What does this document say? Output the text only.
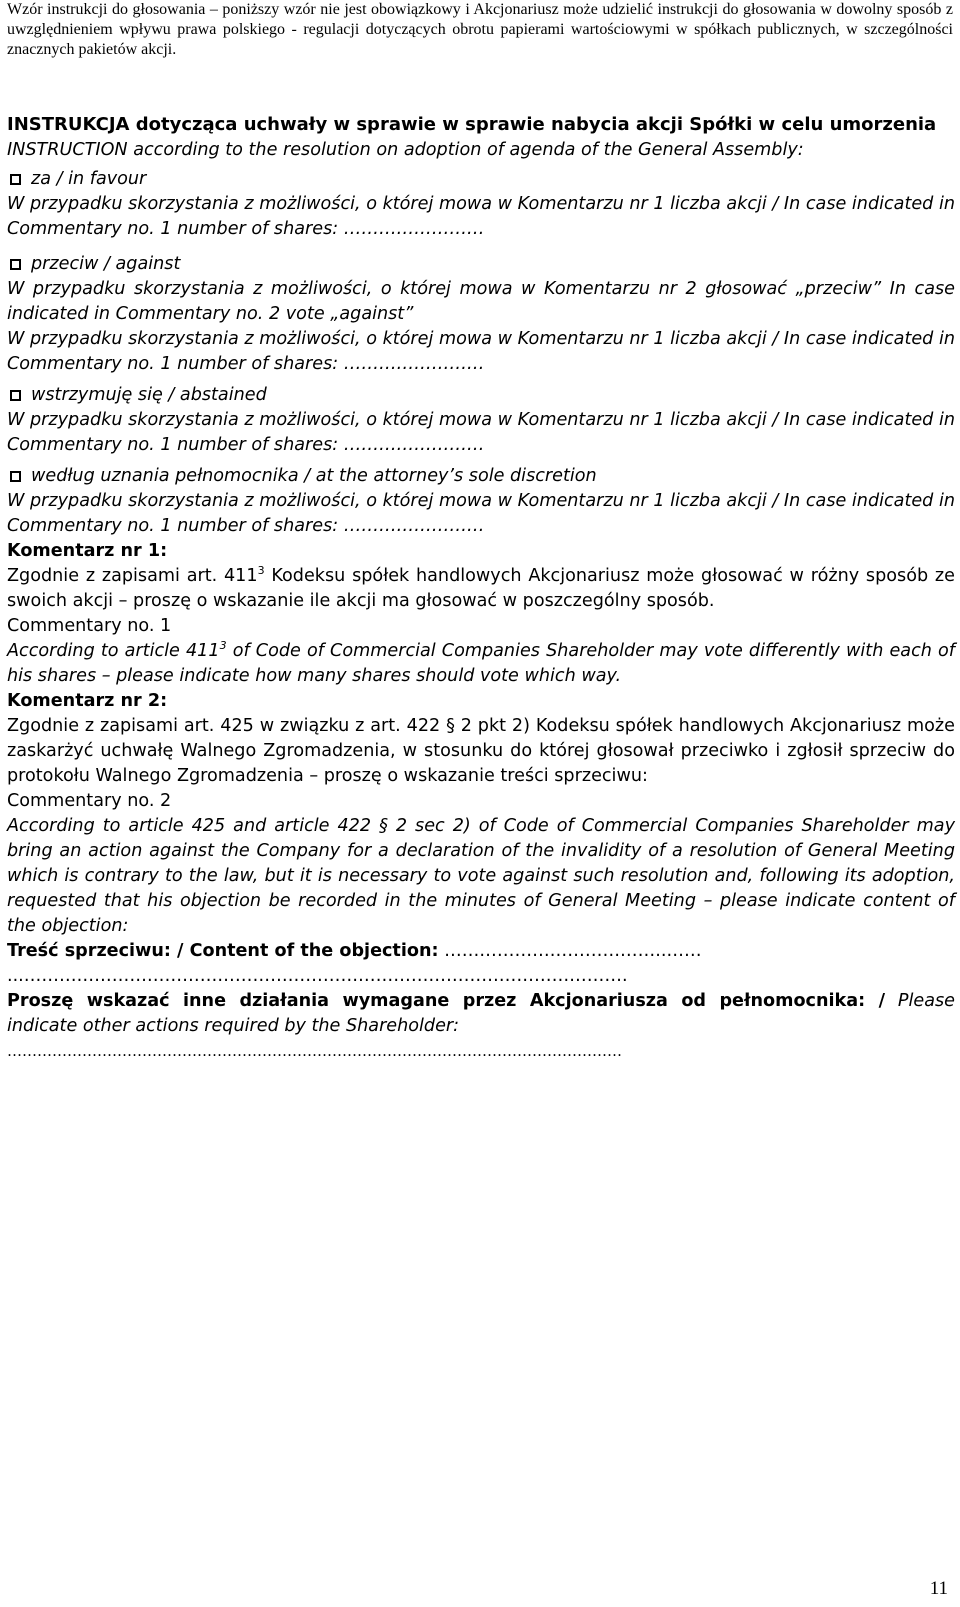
Wzór instrukcji do głosowania – poniższy wzór nie jest obowiązkowy i Akcjonariusz może udzielić instrukcji do głosowania w dowolny sposób z uwzględnieniem wpływu prawa polskiego - regulacji dotyczących obrotu papierami wartościowymi w spółkach publicznych, w szczególności znacznych pakietów akcji.

INSTRUKCJA dotycząca uchwały w sprawie w sprawie nabycia akcji Spółki w celu umorzenia

INSTRUCTION according to the resolution on adoption of agenda of the General Assembly:

za / in favour

W przypadku skorzystania z możliwości, o której mowa w Komentarzu nr 1 liczba akcji / In case indicated in Commentary no. 1 number of shares: ……………………

przeciw / against

W przypadku skorzystania z możliwości, o której mowa w Komentarzu nr 2 głosować „przeciw” In case indicated in Commentary no. 2 vote „against”

W przypadku skorzystania z możliwości, o której mowa w Komentarzu nr 1 liczba akcji / In case indicated in Commentary no. 1 number of shares: ……………………

wstrzymuję się / abstained

W przypadku skorzystania z możliwości, o której mowa w Komentarzu nr 1 liczba akcji / In case indicated in Commentary no. 1 number of shares: ……………………

według uznania pełnomocnika / at the attorney’s sole discretion

W przypadku skorzystania z możliwości, o której mowa w Komentarzu nr 1 liczba akcji / In case indicated in Commentary no. 1 number of shares: ……………………

Komentarz nr 1:

Zgodnie z zapisami art. $411^3$ Kodeksu spółek handlowych Akcjonariusz może głosować w różny sposób ze swoich akcji – proszę o wskazanie ile akcji ma głosować w poszczególny sposób.

Commentary no. 1

According to article $411^3$ of Code of Commercial Companies Shareholder may vote differently with each of his shares – please indicate how many shares should vote which way.

Komentarz nr 2:

Zgodnie z zapisami art. 425 w związku z art. 422 § 2 pkt 2) Kodeksu spółek handlowych Akcjonariusz może zaskarżyć uchwałę Walnego Zgromadzenia, w stosunku do której głosował przeciwko i zgłosił sprzeciw do protokołu Walnego Zgromadzenia – proszę o wskazanie treści sprzeciwu:

Commentary no. 2

According to article 425 and article 422 § 2 sec 2) of Code of Commercial Companies Shareholder may bring an action against the Company for a declaration of the invalidity of a resolution of General Meeting which is contrary to the law, but it is necessary to vote against such resolution and, following its adoption, requested that his objection be recorded in the minutes of General Meeting – please indicate content of the objection:

Treść sprzeciwu: / Content of the objection: ………………………………..……

...………………………………………………………………………………………….

Proszę wskazać inne działania wymagane przez Akcjonariusza od pełnomocnika: / Please indicate other actions required by the Shareholder:

……………………………………………………………………………………………………………

11
